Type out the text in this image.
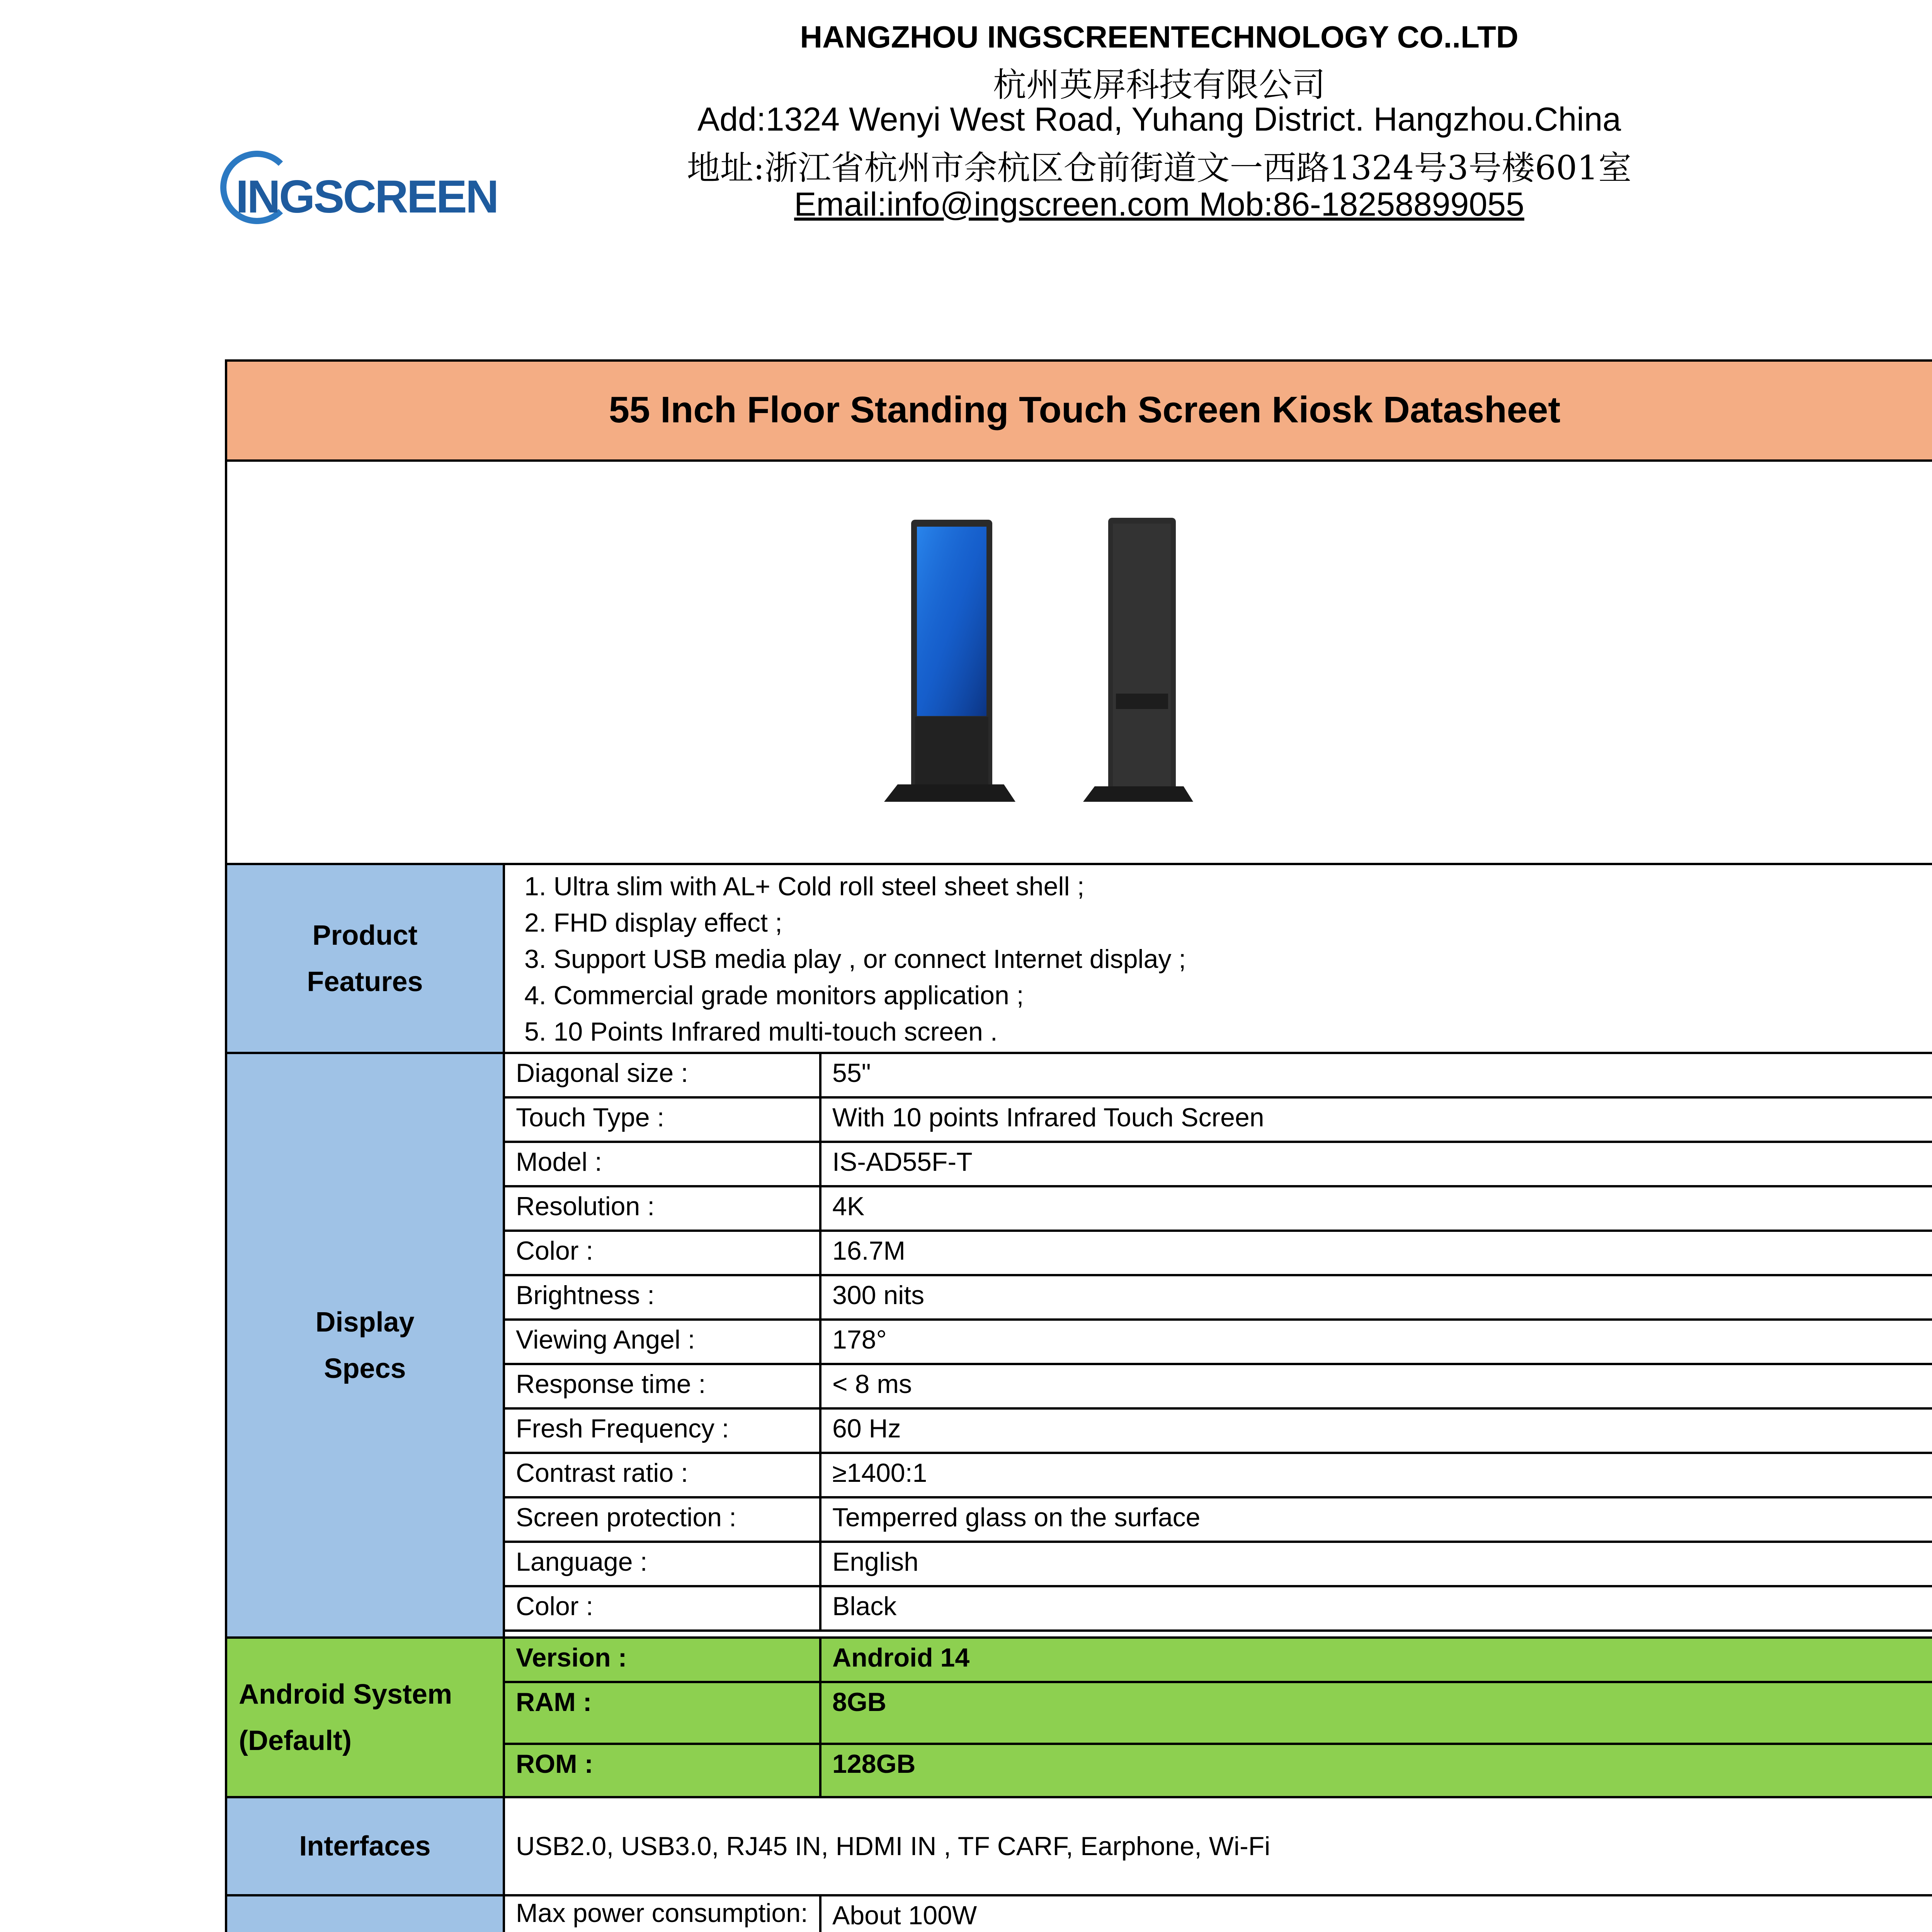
INGSCREEN
HANGZHOU INGSCREENTECHNOLOGY CO..LTD
杭州英屏科技有限公司
Add:1324 Wenyi West Road, Yuhang District. Hangzhou.China
地址:浙江省杭州市余杭区仓前街道文一西路1324号3号楼601室
Email:info@ingscreen.com Mob:86-18258899055
55 Inch Floor Standing Touch Screen Kiosk Datasheet
Product
Features
1. Ultra slim with AL+ Cold roll steel sheet shell ;
2. FHD display effect ;
3. Support USB media play , or connect Internet display ;
4. Commercial grade monitors application ;
5. 10 Points Infrared multi-touch screen .
Display
Specs
Diagonal size :	55"
Touch Type :	With 10 points Infrared Touch Screen
Model :	IS-AD55F-T
Resolution :	4K
Color :	16.7M
Brightness :	300 nits
Viewing Angel :	178°
Response time :	< 8 ms
Fresh Frequency :	60 Hz
Contrast ratio :	≥1400:1
Screen protection :	Temperred glass on the surface
Language :	English
Color :	Black
Android System
(Default)
Version :	Android 14
RAM :	8GB
ROM :	128GB
Interfaces	USB2.0, USB3.0, RJ45 IN, HDMI IN , TF CARF, Earphone, Wi-Fi
Max power consumption: About 100W
